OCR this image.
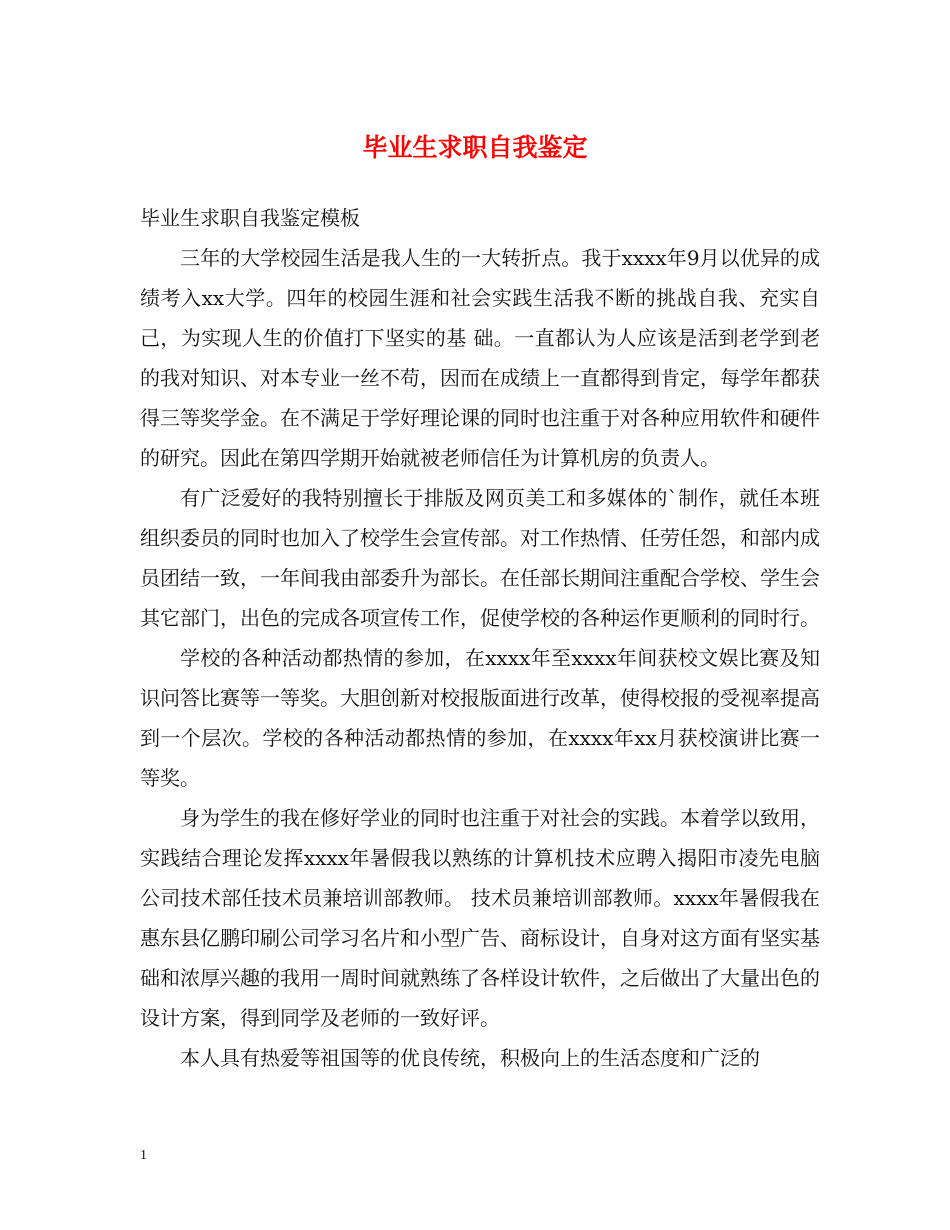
毕业生求职自我鉴定

毕业生求职自我鉴定模板

三年的大学校园生活是我人生的一大转折点。我于xxxx年9月以优异的成绩考入xx大学。四年的校园生涯和社会实践生活我不断的挑战自我、充实自己，为实现人生的价值打下坚实的基 础。一直都认为人应该是活到老学到老的我对知识、对本专业一丝不苟，因而在成绩上一直都得到肯定，每学年都获得三等奖学金。在不满足于学好理论课的同时也注重于对各种应用软件和硬件的研究。因此在第四学期开始就被老师信任为计算机房的负责人。

有广泛爱好的我特别擅长于排版及网页美工和多媒体的`制作，就任本班组织委员的同时也加入了校学生会宣传部。对工作热情、任劳任怨，和部内成员团结一致，一年间我由部委升为部长。在任部长期间注重配合学校、学生会其它部门，出色的完成各项宣传工作，促使学校的各种运作更顺利的同时行。

学校的各种活动都热情的参加，在xxxx年至xxxx年间获校文娱比赛及知识问答比赛等一等奖。大胆创新对校报版面进行改革，使得校报的受视率提高到一个层次。学校的各种活动都热情的参加，在xxxx年xx月获校演讲比赛一等奖。

身为学生的我在修好学业的同时也注重于对社会的实践。本着学以致用，实践结合理论发挥xxxx年暑假我以熟练的计算机技术应聘入揭阳市凌先电脑公司技术部任技术员兼培训部教师。 技术员兼培训部教师。xxxx年暑假我在惠东县亿鹏印刷公司学习名片和小型广告、商标设计，自身对这方面有坚实基础和浓厚兴趣的我用一周时间就熟练了各样设计软件，之后做出了大量出色的设计方案，得到同学及老师的一致好评。

本人具有热爱等祖国等的优良传统，积极向上的生活态度和广泛的

1
